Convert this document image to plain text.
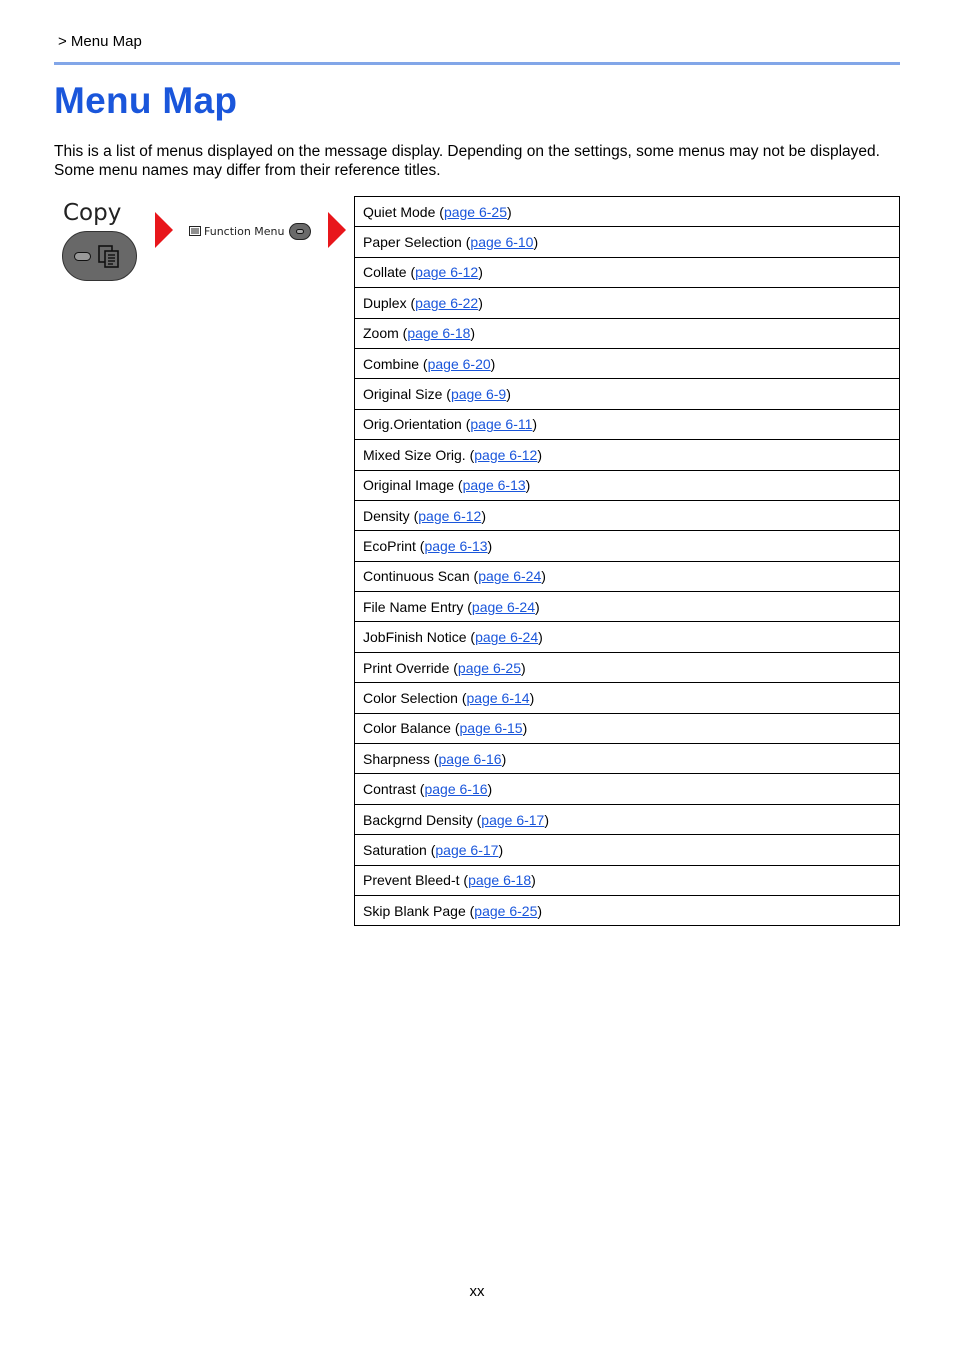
> Menu Map
Menu Map

This is a list of menus displayed on the message display. Depending on the settings, some menus may not be displayed. Some menu names may differ from their reference titles.

Copy
Function Menu
Quiet Mode (page 6-25)
Paper Selection (page 6-10)
Collate (page 6-12)
Duplex (page 6-22)
Zoom (page 6-18)
Combine (page 6-20)
Original Size (page 6-9)
Orig.Orientation (page 6-11)
Mixed Size Orig. (page 6-12)
Original Image (page 6-13)
Density (page 6-12)
EcoPrint (page 6-13)
Continuous Scan (page 6-24)
File Name Entry (page 6-24)
JobFinish Notice (page 6-24)
Print Override (page 6-25)
Color Selection (page 6-14)
Color Balance (page 6-15)
Sharpness (page 6-16)
Contrast (page 6-16)
Backgrnd Density (page 6-17)
Saturation (page 6-17)
Prevent Bleed-t (page 6-18)
Skip Blank Page (page 6-25)
xx
